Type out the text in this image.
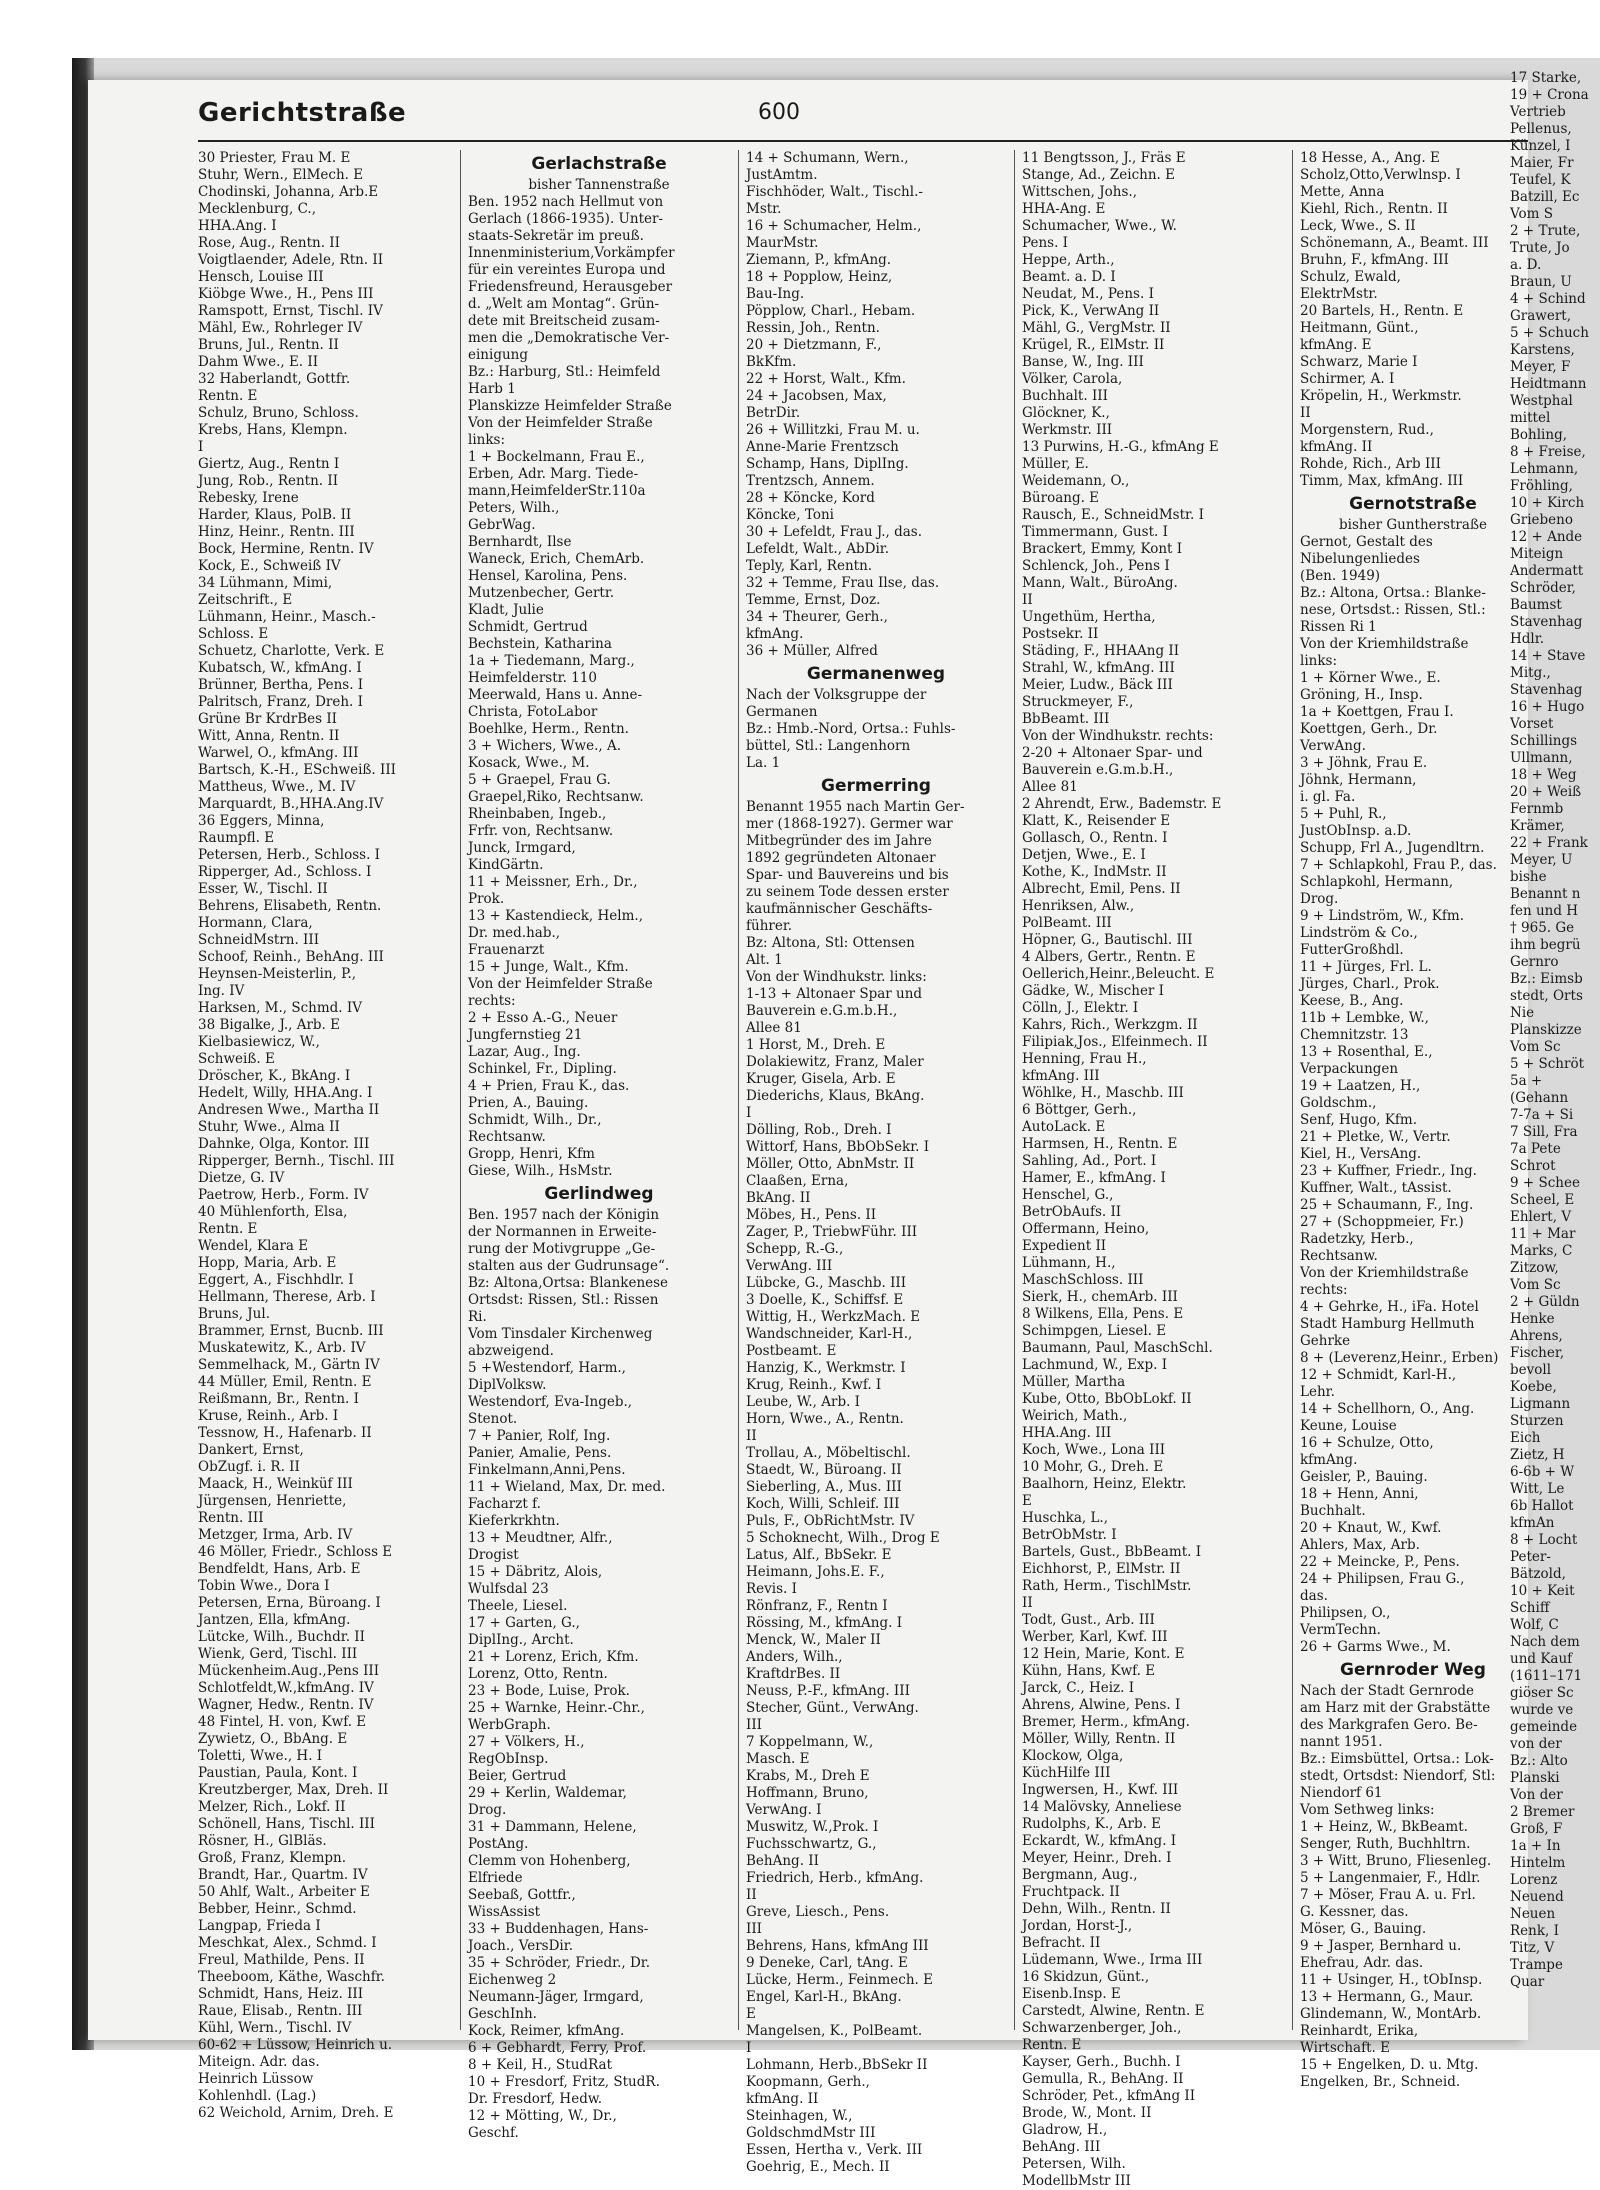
Gerichtstraße	600
30 Priester, Frau M. E
Stuhr, Wern., ElMech. E
Chodinski, Johanna, Arb.E
Mecklenburg, C.,
HHA.Ang. I
Rose, Aug., Rentn. II
Voigtlaender, Adele, Rtn. II
Hensch, Louise III
Kiöbge Wwe., H., Pens III
Ramspott, Ernst, Tischl. IV
Mähl, Ew., Rohrleger IV
Bruns, Jul., Rentn. II
Dahm Wwe., E. II
32 Haberlandt, Gottfr.
Rentn. E
Schulz, Bruno, Schloss.
Krebs, Hans, Klempn.
I
Giertz, Aug., Rentn I
Jung, Rob., Rentn. II
Rebesky, Irene
Harder, Klaus, PolB. II
Hinz, Heinr., Rentn. III
Bock, Hermine, Rentn. IV
Kock, E., Schweiß IV
34 Lühmann, Mimi,
Zeitschrift., E
Lühmann, Heinr., Masch.-
Schloss. E
Schuetz, Charlotte, Verk. E
Kubatsch, W., kfmAng. I
Brünner, Bertha, Pens. I
Palritsch, Franz, Dreh. I
Grüne Br KrdrBes II
Witt, Anna, Rentn. II
Warwel, O., kfmAng. III
Bartsch, K.-H., ESchweiß. III
Mattheus, Wwe., M. IV
Marquardt, B.,HHA.Ang.IV
36 Eggers, Minna,
Raumpfl. E
Petersen, Herb., Schloss. I
Ripperger, Ad., Schloss. I
Esser, W., Tischl. II
Behrens, Elisabeth, Rentn.
Hormann, Clara,
SchneidMstrn. III
Schoof, Reinh., BehAng. III
Heynsen-Meisterlin, P.,
Ing. IV
Harksen, M., Schmd. IV
38 Bigalke, J., Arb. E
Kielbasiewicz, W.,
Schweiß. E
Dröscher, K., BkAng. I
Hedelt, Willy, HHA.Ang. I
Andresen Wwe., Martha II
Stuhr, Wwe., Alma II
Dahnke, Olga, Kontor. III
Ripperger, Bernh., Tischl. III
Dietze, G. IV
Paetrow, Herb., Form. IV
40 Mühlenforth, Elsa,
Rentn. E
Wendel, Klara E
Hopp, Maria, Arb. E
Eggert, A., Fischhdlr. I
Hellmann, Therese, Arb. I
Bruns, Jul.
Brammer, Ernst, Bucnb. III
Muskatewitz, K., Arb. IV
Semmelhack, M., Gärtn IV
44 Müller, Emil, Rentn. E
Reißmann, Br., Rentn. I
Kruse, Reinh., Arb. I
Tessnow, H., Hafenarb. II
Dankert, Ernst,
ObZugf. i. R. II
Maack, H., Weinküf III
Jürgensen, Henriette,
Rentn. III
Metzger, Irma, Arb. IV
46 Möller, Friedr., Schloss E
Bendfeldt, Hans, Arb. E
Tobin Wwe., Dora I
Petersen, Erna, Büroang. I
Jantzen, Ella, kfmAng.
Lütcke, Wilh., Buchdr. II
Wienk, Gerd, Tischl. III
Mückenheim.Aug.,Pens III
Schlotfeldt,W.,kfmAng. IV
Wagner, Hedw., Rentn. IV
48 Fintel, H. von, Kwf. E
Zywietz, O., BbAng. E
Toletti, Wwe., H. I
Paustian, Paula, Kont. I
Kreutzberger, Max, Dreh. II
Melzer, Rich., Lokf. II
Schönell, Hans, Tischl. III
Rösner, H., GlBläs.
Groß, Franz, Klempn.
Brandt, Har., Quartm. IV
50 Ahlf, Walt., Arbeiter E
Bebber, Heinr., Schmd.
Langpap, Frieda I
Meschkat, Alex., Schmd. I
Freul, Mathilde, Pens. II
Theeboom, Käthe, Waschfr.
Schmidt, Hans, Heiz. III
Raue, Elisab., Rentn. III
Kühl, Wern., Tischl. IV
60-62 + Lüssow, Heinrich u.
Miteign. Adr. das.
Heinrich Lüssow
Kohlenhdl. (Lag.)
62 Weichold, Arnim, Dreh. E
Gerlachstraße
bisher Tannenstraße
Ben. 1952 nach Hellmut von
Gerlach (1866-1935). Unter-
staats-Sekretär im preuß.
Innenministerium,Vorkämpfer
für ein vereintes Europa und
Friedensfreund, Herausgeber
d. „Welt am Montag“. Grün-
dete mit Breitscheid zusam-
men die „Demokratische Ver-
einigung
Bz.: Harburg, Stl.: Heimfeld
Harb 1
Planskizze Heimfelder Straße
Von der Heimfelder Straße
links:
1 + Bockelmann, Frau E.,
Erben, Adr. Marg. Tiede-
mann,HeimfelderStr.110a
Peters, Wilh.,
GebrWag.
Bernhardt, Ilse
Waneck, Erich, ChemArb.
Hensel, Karolina, Pens.
Mutzenbecher, Gertr.
Kladt, Julie
Schmidt, Gertrud
Bechstein, Katharina
1a + Tiedemann, Marg.,
Heimfelderstr. 110
Meerwald, Hans u. Anne-
Christa, FotoLabor
Boehlke, Herm., Rentn.
3 + Wichers, Wwe., A.
Kosack, Wwe., M.
5 + Graepel, Frau G.
Graepel,Riko, Rechtsanw.
Rheinbaben, Ingeb.,
Frfr. von, Rechtsanw.
Junck, Irmgard,
KindGärtn.
11 + Meissner, Erh., Dr.,
Prok.
13 + Kastendieck, Helm.,
Dr. med.hab.,
Frauenarzt
15 + Junge, Walt., Kfm.
Von der Heimfelder Straße
rechts:
2 + Esso A.-G., Neuer
Jungfernstieg 21
Lazar, Aug., Ing.
Schinkel, Fr., Dipling.
4 + Prien, Frau K., das.
Prien, A., Bauing.
Schmidt, Wilh., Dr.,
Rechtsanw.
Gropp, Henri, Kfm
Giese, Wilh., HsMstr.
Gerlindweg
Ben. 1957 nach der Königin
der Normannen in Erweite-
rung der Motivgruppe „Ge-
stalten aus der Gudrunsage“.
Bz: Altona,Ortsa: Blankenese
Ortsdst: Rissen, Stl.: Rissen
Ri.
Vom Tinsdaler Kirchenweg
abzweigend.
5 +Westendorf, Harm.,
DiplVolksw.
Westendorf, Eva-Ingeb.,
Stenot.
7 + Panier, Rolf, Ing.
Panier, Amalie, Pens.
Finkelmann,Anni,Pens.
11 + Wieland, Max, Dr. med.
Facharzt f.
Kieferkrkhtn.
13 + Meudtner, Alfr.,
Drogist
15 + Däbritz, Alois,
Wulfsdal 23
Theele, Liesel.
17 + Garten, G.,
DiplIng., Archt.
21 + Lorenz, Erich, Kfm.
Lorenz, Otto, Rentn.
23 + Bode, Luise, Prok.
25 + Warnke, Heinr.-Chr.,
WerbGraph.
27 + Völkers, H.,
RegObInsp.
Beier, Gertrud
29 + Kerlin, Waldemar,
Drog.
31 + Dammann, Helene,
PostAng.
Clemm von Hohenberg,
Elfriede
Seebaß, Gottfr.,
WissAssist
33 + Buddenhagen, Hans-
Joach., VersDir.
35 + Schröder, Friedr., Dr.
Eichenweg 2
Neumann-Jäger, Irmgard,
GeschInh.
Kock, Reimer, kfmAng.
6 + Gebhardt, Ferry, Prof.
8 + Keil, H., StudRat
10 + Fresdorf, Fritz, StudR.
Dr. Fresdorf, Hedw.
12 + Mötting, W., Dr.,
Geschf.
14 + Schumann, Wern.,
JustAmtm.
Fischhöder, Walt., Tischl.-
Mstr.
16 + Schumacher, Helm.,
MaurMstr.
Ziemann, P., kfmAng.
18 + Popplow, Heinz,
Bau-Ing.
Pöpplow, Charl., Hebam.
Ressin, Joh., Rentn.
20 + Dietzmann, F.,
BkKfm.
22 + Horst, Walt., Kfm.
24 + Jacobsen, Max,
BetrDir.
26 + Willitzki, Frau M. u.
Anne-Marie Frentzsch
Schamp, Hans, DiplIng.
Trentzsch, Annem.
28 + Köncke, Kord
Köncke, Toni
30 + Lefeldt, Frau J., das.
Lefeldt, Walt., AbDir.
Teply, Karl, Rentn.
32 + Temme, Frau Ilse, das.
Temme, Ernst, Doz.
34 + Theurer, Gerh.,
kfmAng.
36 + Müller, Alfred
Germanenweg
Nach der Volksgruppe der
Germanen
Bz.: Hmb.-Nord, Ortsa.: Fuhls-
büttel, Stl.: Langenhorn
La. 1
Germerring
Benannt 1955 nach Martin Ger-
mer (1868-1927). Germer war
Mitbegründer des im Jahre
1892 gegründeten Altonaer
Spar- und Bauvereins und bis
zu seinem Tode dessen erster
kaufmännischer Geschäfts-
führer.
Bz: Altona, Stl: Ottensen
Alt. 1
Von der Windhukstr. links:
1-13 + Altonaer Spar und
Bauverein e.G.m.b.H.,
Allee 81
1 Horst, M., Dreh. E
Dolakiewitz, Franz, Maler
Kruger, Gisela, Arb. E
Diederichs, Klaus, BkAng.
I
Dölling, Rob., Dreh. I
Wittorf, Hans, BbObSekr. I
Möller, Otto, AbnMstr. II
Claaßen, Erna,
BkAng. II
Möbes, H., Pens. II
Zager, P., TriebwFühr. III
Schepp, R.-G.,
VerwAng. III
Lübcke, G., Maschb. III
3 Doelle, K., Schiffsf. E
Wittig, H., WerkzMach. E
Wandschneider, Karl-H.,
Postbeamt. E
Hanzig, K., Werkmstr. I
Krug, Reinh., Kwf. I
Leube, W., Arb. I
Horn, Wwe., A., Rentn.
II
Trollau, A., Möbeltischl.
Staedt, W., Büroang. II
Sieberling, A., Mus. III
Koch, Willi, Schleif. III
Puls, F., ObRichtMstr. IV
5 Schoknecht, Wilh., Drog E
Latus, Alf., BbSekr. E
Heimann, Johs.E. F.,
Revis. I
Rönfranz, F., Rentn I
Rössing, M., kfmAng. I
Menck, W., Maler II
Anders, Wilh.,
KraftdrBes. II
Neuss, P.-F., kfmAng. III
Stecher, Günt., VerwAng.
III
7 Koppelmann, W.,
Masch. E
Krabs, M., Dreh E
Hoffmann, Bruno,
VerwAng. I
Muswitz, W.,Prok. I
Fuchsschwartz, G.,
BehAng. II
Friedrich, Herb., kfmAng.
II
Greve, Liesch., Pens.
III
Behrens, Hans, kfmAng III
9 Deneke, Carl, tAng. E
Lücke, Herm., Feinmech. E
Engel, Karl-H., BkAng.
E
Mangelsen, K., PolBeamt.
I
Lohmann, Herb.,BbSekr II
Koopmann, Gerh.,
kfmAng. II
Steinhagen, W.,
GoldschmdMstr III
Essen, Hertha v., Verk. III
Goehrig, E., Mech. II
11 Bengtsson, J., Fräs E
Stange, Ad., Zeichn. E
Wittschen, Johs.,
HHA-Ang. E
Schumacher, Wwe., W.
Pens. I
Heppe, Arth.,
Beamt. a. D. I
Neudat, M., Pens. I
Pick, K., VerwAng II
Mähl, G., VergMstr. II
Krügel, R., ElMstr. II
Banse, W., Ing. III
Völker, Carola,
Buchhalt. III
Glöckner, K.,
Werkmstr. III
13 Purwins, H.-G., kfmAng E
Müller, E.
Weidemann, O.,
Büroang. E
Rausch, E., SchneidMstr. I
Timmermann, Gust. I
Brackert, Emmy, Kont I
Schlenck, Joh., Pens I
Mann, Walt., BüroAng.
II
Ungethüm, Hertha,
Postsekr. II
Städing, F., HHAAng II
Strahl, W., kfmAng. III
Meier, Ludw., Bäck III
Struckmeyer, F.,
BbBeamt. III
Von der Windhukstr. rechts:
2-20 + Altonaer Spar- und
Bauverein e.G.m.b.H.,
Allee 81
2 Ahrendt, Erw., Bademstr. E
Klatt, K., Reisender E
Gollasch, O., Rentn. I
Detjen, Wwe., E. I
Kothe, K., IndMstr. II
Albrecht, Emil, Pens. II
Henriksen, Alw.,
PolBeamt. III
Höpner, G., Bautischl. III
4 Albers, Gertr., Rentn. E
Oellerich,Heinr.,Beleucht. E
Gädke, W., Mischer I
Cölln, J., Elektr. I
Kahrs, Rich., Werkzgm. II
Filipiak,Jos., Elfeinmech. II
Henning, Frau H.,
kfmAng. III
Wöhlke, H., Maschb. III
6 Böttger, Gerh.,
AutoLack. E
Harmsen, H., Rentn. E
Sahling, Ad., Port. I
Hamer, E., kfmAng. I
Henschel, G.,
BetrObAufs. II
Offermann, Heino,
Expedient II
Lühmann, H.,
MaschSchloss. III
Sierk, H., chemArb. III
8 Wilkens, Ella, Pens. E
Schimpgen, Liesel. E
Baumann, Paul, MaschSchl.
Lachmund, W., Exp. I
Müller, Martha
Kube, Otto, BbObLokf. II
Weirich, Math.,
HHA.Ang. III
Koch, Wwe., Lona III
10 Mohr, G., Dreh. E
Baalhorn, Heinz, Elektr.
E
Huschka, L.,
BetrObMstr. I
Bartels, Gust., BbBeamt. I
Eichhorst, P., ElMstr. II
Rath, Herm., TischlMstr.
II
Todt, Gust., Arb. III
Werber, Karl, Kwf. III
12 Hein, Marie, Kont. E
Kühn, Hans, Kwf. E
Jarck, C., Heiz. I
Ahrens, Alwine, Pens. I
Bremer, Herm., kfmAng.
Möller, Willy, Rentn. II
Klockow, Olga,
KüchHilfe III
Ingwersen, H., Kwf. III
14 Malövsky, Anneliese
Rudolphs, K., Arb. E
Eckardt, W., kfmAng. I
Meyer, Heinr., Dreh. I
Bergmann, Aug.,
Fruchtpack. II
Dehn, Wilh., Rentn. II
Jordan, Horst-J.,
Befracht. II
Lüdemann, Wwe., Irma III
16 Skidzun, Günt.,
Eisenb.Insp. E
Carstedt, Alwine, Rentn. E
Schwarzenberger, Joh.,
Rentn. E
Kayser, Gerh., Buchh. I
Gemulla, R., BehAng. II
Schröder, Pet., kfmAng II
Brode, W., Mont. II
Gladrow, H.,
BehAng. III
Petersen, Wilh.
ModellbMstr III
18 Hesse, A., Ang. E
Scholz,Otto,Verwlnsp. I
Mette, Anna
Kiehl, Rich., Rentn. II
Leck, Wwe., S. II
Schönemann, A., Beamt. III
Bruhn, F., kfmAng. III
Schulz, Ewald,
ElektrMstr.
20 Bartels, H., Rentn. E
Heitmann, Günt.,
kfmAng. E
Schwarz, Marie I
Schirmer, A. I
Kröpelin, H., Werkmstr.
II
Morgenstern, Rud.,
kfmAng. II
Rohde, Rich., Arb III
Timm, Max, kfmAng. III
Gernotstraße
bisher Guntherstraße
Gernot, Gestalt des
Nibelungenliedes
(Ben. 1949)
Bz.: Altona, Ortsa.: Blanke-
nese, Ortsdst.: Rissen, Stl.:
Rissen Ri 1
Von der Kriemhildstraße
links:
1 + Körner Wwe., E.
Gröning, H., Insp.
1a + Koettgen, Frau I.
Koettgen, Gerh., Dr.
VerwAng.
3 + Jöhnk, Frau E.
Jöhnk, Hermann,
i. gl. Fa.
5 + Puhl, R.,
JustObInsp. a.D.
Schupp, Frl A., Jugendltrn.
7 + Schlapkohl, Frau P., das.
Schlapkohl, Hermann,
Drog.
9 + Lindström, W., Kfm.
Lindström & Co.,
FutterGroßhdl.
11 + Jürges, Frl. L.
Jürges, Charl., Prok.
Keese, B., Ang.
11b + Lembke, W.,
Chemnitzstr. 13
13 + Rosenthal, E.,
Verpackungen
19 + Laatzen, H.,
Goldschm.,
Senf, Hugo, Kfm.
21 + Pletke, W., Vertr.
Kiel, H., VersAng.
23 + Kuffner, Friedr., Ing.
Kuffner, Walt., tAssist.
25 + Schaumann, F., Ing.
27 + (Schoppmeier, Fr.)
Radetzky, Herb.,
Rechtsanw.
Von der Kriemhildstraße
rechts:
4 + Gehrke, H., iFa. Hotel
Stadt Hamburg Hellmuth
Gehrke
8 + (Leverenz,Heinr., Erben)
12 + Schmidt, Karl-H.,
Lehr.
14 + Schellhorn, O., Ang.
Keune, Louise
16 + Schulze, Otto,
kfmAng.
Geisler, P., Bauing.
18 + Henn, Anni,
Buchhalt.
20 + Knaut, W., Kwf.
Ahlers, Max, Arb.
22 + Meincke, P., Pens.
24 + Philipsen, Frau G.,
das.
Philipsen, O.,
VermTechn.
26 + Garms Wwe., M.
Gernroder Weg
Nach der Stadt Gernrode
am Harz mit der Grabstätte
des Markgrafen Gero. Be-
nannt 1951.
Bz.: Eimsbüttel, Ortsa.: Lok-
stedt, Ortsdst: Niendorf, Stl:
Niendorf 61
Vom Sethweg links:
1 + Heinz, W., BkBeamt.
Senger, Ruth, Buchhltrn.
3 + Witt, Bruno, Fliesenleg.
5 + Langenmaier, F., Hdlr.
7 + Möser, Frau A. u. Frl.
G. Kessner, das.
Möser, G., Bauing.
9 + Jasper, Bernhard u.
Ehefrau, Adr. das.
11 + Usinger, H., tObInsp.
13 + Hermann, G., Maur.
Glindemann, W., MontArb.
Reinhardt, Erika,
Wirtschaft. E
15 + Engelken, D. u. Mtg.
Engelken, Br., Schneid.
17 Starke,
19 + Crona
Vertrieb
Pellenus,
Künzel, I
Maier, Fr
Teufel, K
Batzill, Ec
Vom S
2 + Trute,
Trute, Jo
a. D.
Braun, U
4 + Schind
Grawert,
5 + Schuch
Karstens,
Meyer, F
Heidtmann
Westphal
mittel
Bohling,
8 + Freise,
Lehmann,
Fröhling,
10 + Kirch
Griebeno
12 + Ande
Miteign
Andermatt
Schröder,
Baumst
Stavenhag
Hdlr.
14 + Stave
Mitg.,
Stavenhag
16 + Hugo
Vorset
Schillings
Ullmann,
18 + Weg
20 + Weiß
Fernmb
Krämer,
22 + Frank
Meyer, U
bishe
Benannt n
fen und H
† 965. Ge
ihm begrü
Gernro
Bz.: Eimsb
stedt, Orts
Nie
Planskizze
Vom Sc
5 + Schröt
5a +
(Gehann
7-7a + Si
7 Sill, Fra
7a Pete
Schrot
9 + Schee
Scheel, E
Ehlert, V
11 + Mar
Marks, C
Zitzow,
Vom Sc
2 + Güldn
Henke
Ahrens,
Fischer,
bevoll
Koebe,
Ligmann
Sturzen
Eich
Zietz, H
6-6b + W
Witt, Le
6b Hallot
kfmAn
8 + Locht
Peter-
Bätzold,
10 + Keit
Schiff
Wolf, C
Nach dem
und Kauf
(1611–171
giöser Sc
wurde ve
gemeinde
von der
Bz.: Alto
Planski
Von der
2 Bremer
Groß, F
1a + In
Hintelm
Lorenz
Neuend
Neuen
Renk, I
Titz, V
Trampe
Quar
